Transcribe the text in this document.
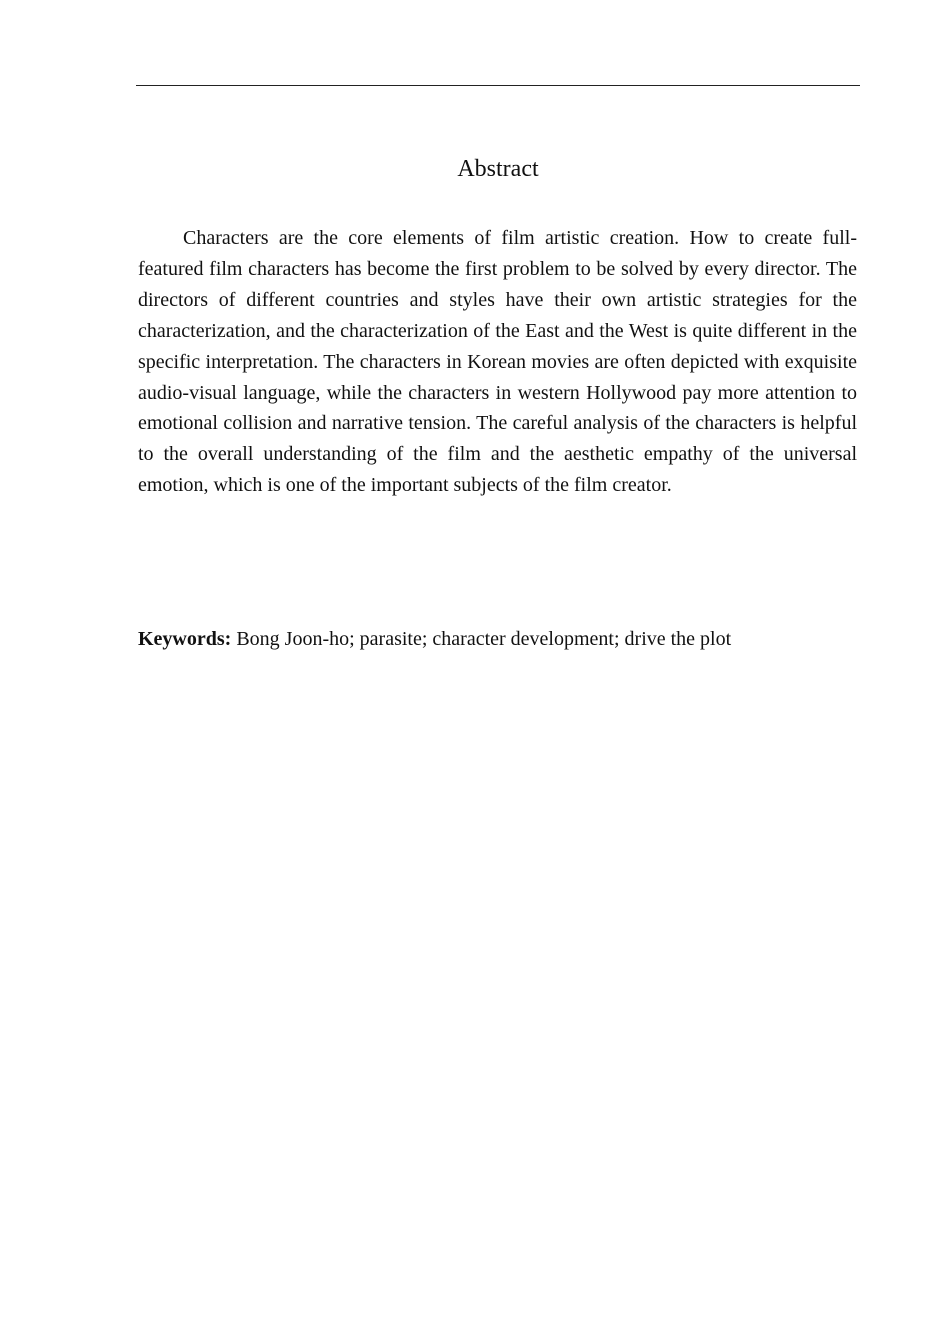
Abstract

Characters are the core elements of film artistic creation. How to create full-featured film characters has become the first problem to be solved by every director. The directors of different countries and styles have their own artistic strategies for the characterization, and the characterization of the East and the West is quite different in the specific interpretation. The characters in Korean movies are often depicted with exquisite audio-visual language, while the characters in western Hollywood pay more attention to emotional collision and narrative tension. The careful analysis of the characters is helpful to the overall understanding of the film and the aesthetic empathy of the universal emotion, which is one of the important subjects of the film creator.

Keywords: Bong Joon-ho; parasite; character development; drive the plot
